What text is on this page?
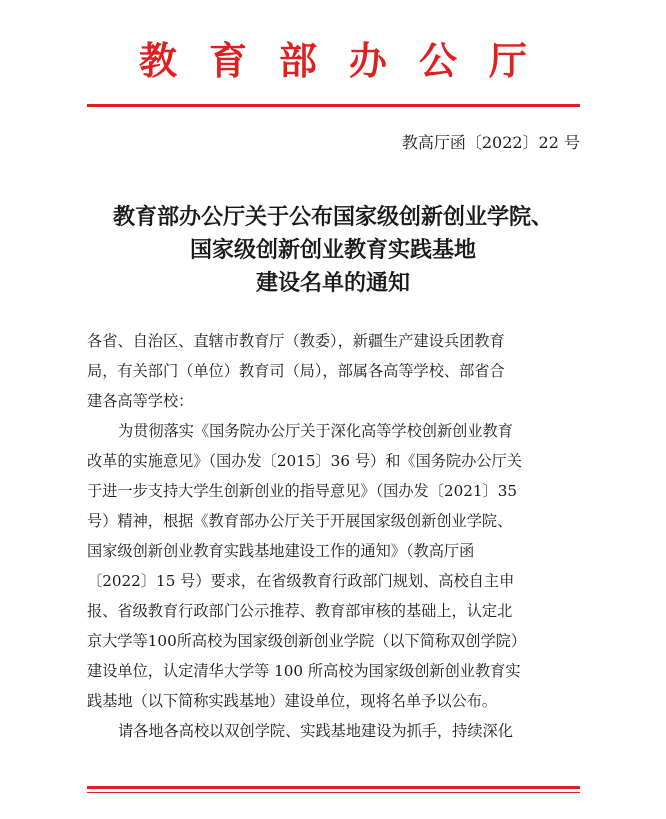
教育部办公厅
教高厅函〔2022〕22 号
教育部办公厅关于公布国家级创新创业学院、
国家级创新创业教育实践基地
建设名单的通知
各省、自治区、直辖市教育厅（教委），新疆生产建设兵团教育
局，有关部门（单位）教育司（局），部属各高等学校、部省合
建各高等学校：
为贯彻落实《国务院办公厅关于深化高等学校创新创业教育
改革的实施意见》（国办发〔2015〕36 号）和《国务院办公厅关
于进一步支持大学生创新创业的指导意见》（国办发〔2021〕35
号）精神，根据《教育部办公厅关于开展国家级创新创业学院、
国家级创新创业教育实践基地建设工作的通知》（教高厅函
〔2022〕15 号）要求，在省级教育行政部门规划、高校自主申
报、省级教育行政部门公示推荐、教育部审核的基础上，认定北
京大学等100所高校为国家级创新创业学院（以下简称双创学院）
建设单位，认定清华大学等 100 所高校为国家级创新创业教育实
践基地（以下简称实践基地）建设单位，现将名单予以公布。
请各地各高校以双创学院、实践基地建设为抓手，持续深化
